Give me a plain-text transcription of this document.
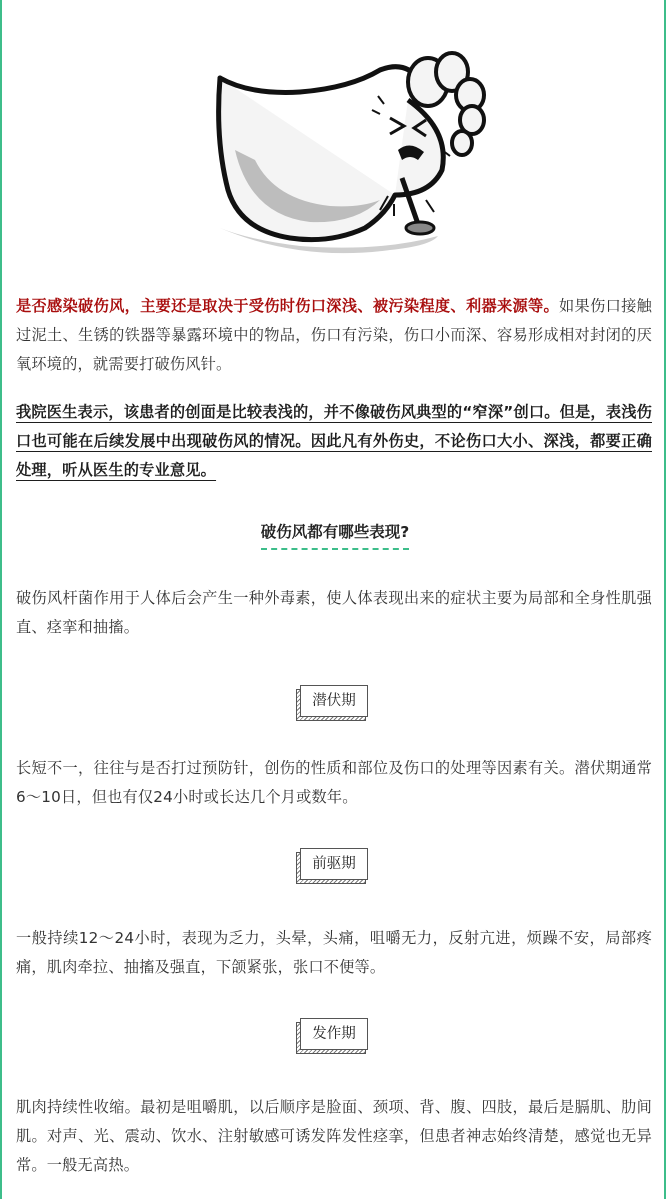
是否感染破伤风，主要还是取决于受伤时伤口深浅、被污染程度、利器来源等。如果伤口接触过泥土、生锈的铁器等暴露环境中的物品，伤口有污染，伤口小而深、容易形成相对封闭的厌氧环境的，就需要打破伤风针。

我院医生表示，该患者的创面是比较表浅的，并不像破伤风典型的“窄深”创口。但是，表浅伤口也可能在后续发展中出现破伤风的情况。因此凡有外伤史，不论伤口大小、深浅，都要正确处理，听从医生的专业意见。

破伤风都有哪些表现?

破伤风杆菌作用于人体后会产生一种外毒素，使人体表现出来的症状主要为局部和全身性肌强直、痉挛和抽搐。

潜伏期

长短不一，往往与是否打过预防针，创伤的性质和部位及伤口的处理等因素有关。潜伏期通常6～10日，但也有仅24小时或长达几个月或数年。

前驱期

一般持续12～24小时，表现为乏力，头晕，头痛，咀嚼无力，反射亢进，烦躁不安，局部疼痛，肌肉牵拉、抽搐及强直，下颌紧张，张口不便等。

发作期

肌肉持续性收缩。最初是咀嚼肌，以后顺序是脸面、颈项、背、腹、四肢，最后是膈肌、肋间肌。对声、光、震动、饮水、注射敏感可诱发阵发性痉挛，但患者神志始终清楚，感觉也无异常。一般无高热。
